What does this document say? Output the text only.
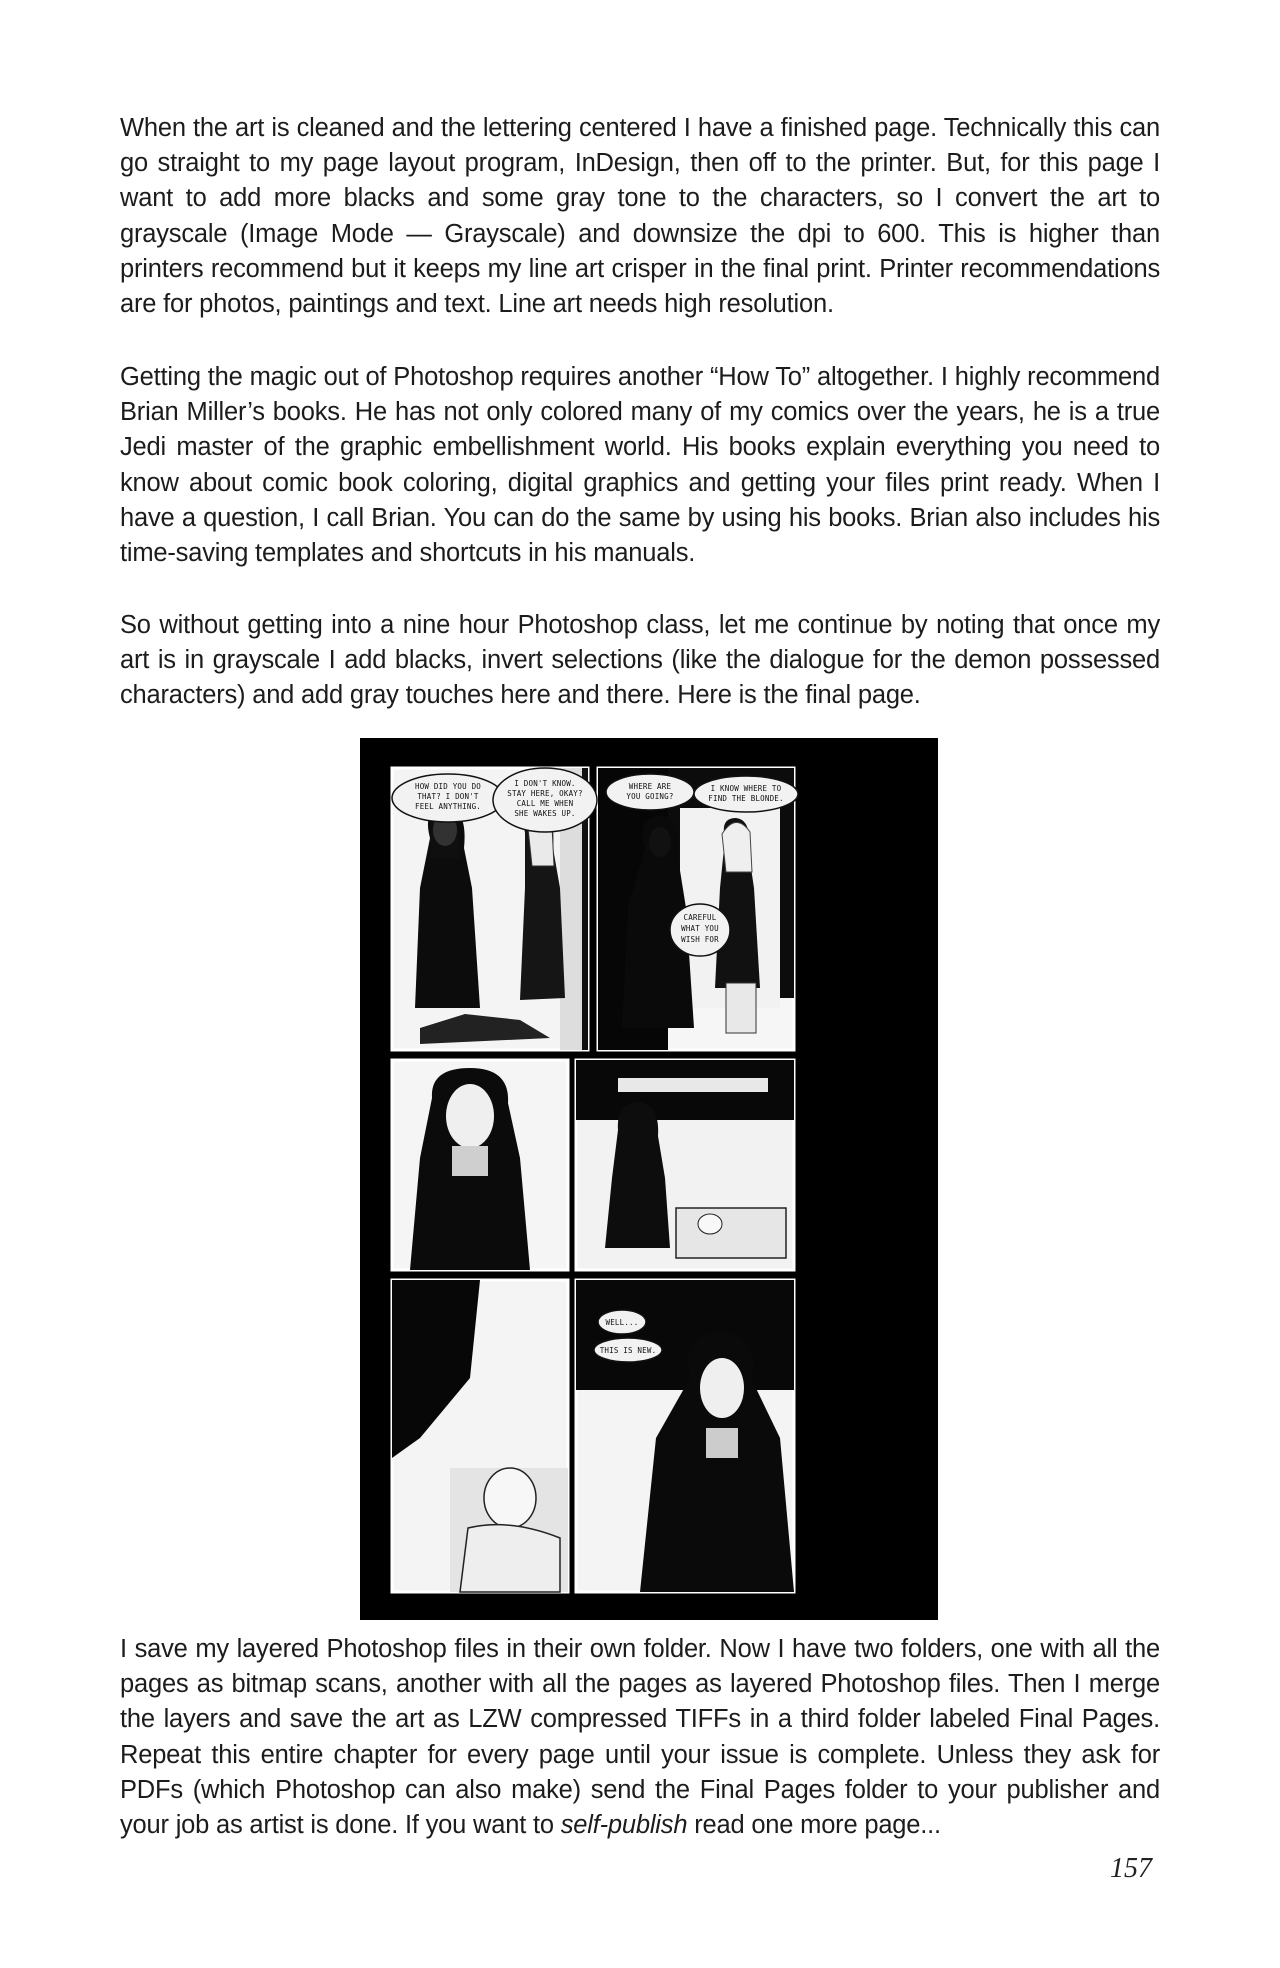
When the art is cleaned and the lettering centered I have a finished page. Technically this can go straight to my page layout program, InDesign, then off to the printer. But, for this page I want to add more blacks and some gray tone to the characters, so I convert the art to grayscale (Image Mode — Grayscale) and downsize the dpi to 600. This is higher than printers recommend but it keeps my line art crisper in the final print. Printer recommendations are for photos, paintings and text. Line art needs high resolution.

Getting the magic out of Photoshop requires another “How To” altogether. I highly recommend Brian Miller’s books. He has not only colored many of my comics over the years, he is a true Jedi master of the graphic embellishment world. His books explain everything you need to know about comic book coloring, digital graphics and getting your files print ready. When I have a question, I call Brian. You can do the same by using his books. Brian also includes his time-saving templates and shortcuts in his manuals.

So without getting into a nine hour Photoshop class, let me continue by noting that once my art is in grayscale I add blacks, invert selections (like the dialogue for the demon possessed characters) and add gray touches here and there. Here is the final page.

HOW DID YOU DO
THAT? I DON'T
FEEL ANYTHING.
I DON'T KNOW.
STAY HERE, OKAY?
CALL ME WHEN
SHE WAKES UP.
WHERE ARE
YOU GOING?
I KNOW WHERE TO
FIND THE BLONDE.
CAREFUL
WHAT YOU
WISH FOR
WELL...
THIS IS NEW.

I save my layered Photoshop files in their own folder. Now I have two folders, one with all the pages as bitmap scans, another with all the pages as layered Photoshop files. Then I merge the layers and save the art as LZW compressed TIFFs in a third folder labeled Final Pages. Repeat this entire chapter for every page until your issue is complete. Unless they ask for PDFs (which Photoshop can also make) send the Final Pages folder to your publisher and your job as artist is done. If you want to self-publish read one more page...

157
